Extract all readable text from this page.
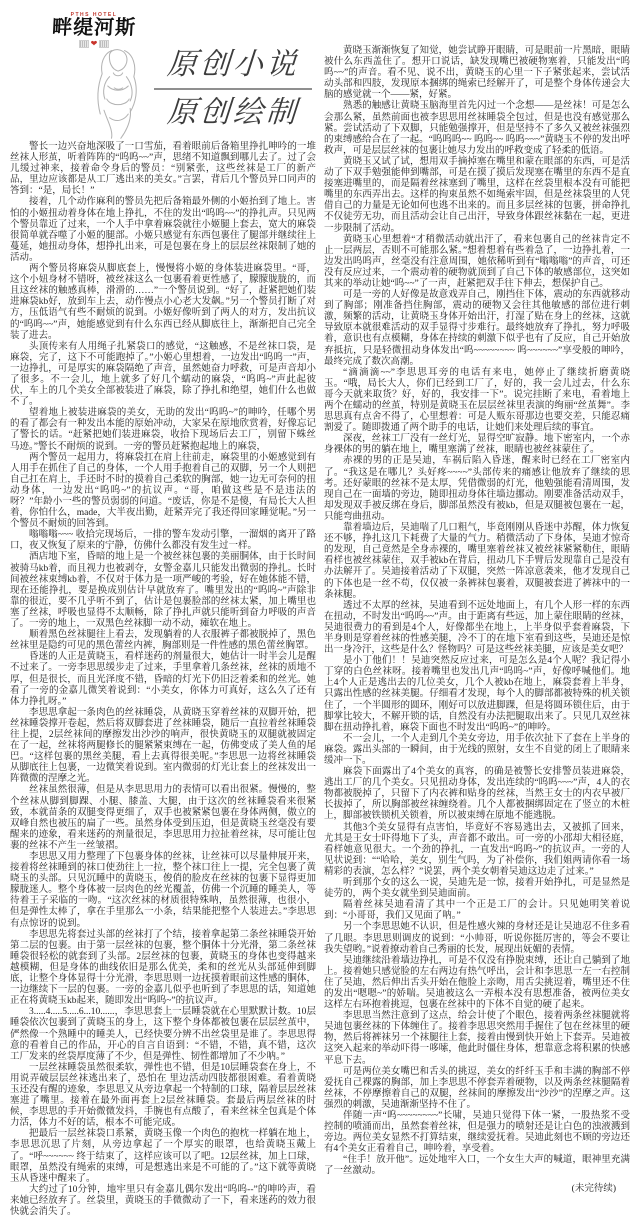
PTHS HOTEL
畔缇河斯
❤
原创小说
原创绘制

警长一边兴奋地深吸了一口雪茄，看着眼前后备箱里挣扎呻吟的一堆丝袜人形茧，听着阵阵的“呜呜~~”声，思绪不知道飘到哪儿去了。过了会儿缓过神来，接着命令身后的警员：“别紧张，这些丝袜是工厂的新产品，里边应该都是从工厂逃出来的美女。”言罢，背后几个警员异口同声的答到：“是，局长！”

接着，几个动作麻利的警员先把后备箱最外侧的小姬抬到了地上。害怕的小姬扭动着身体在地上挣扎，不住的发出“呜呜~~”的挣扎声。只见两个警员靠近了过来，一个人手中拿着麻袋就往小姬腿上套去，宽大的麻袋很简单就吞噬了小姬的腿部。小姬只感觉有东西包裹住了腿部并继续往上蔓延，她扭动身体，想挣扎出来，可是包裹在身上的层层丝袜限制了她的活动。

两个警员将麻袋从脚底套上，慢慢将小姬的身体装进麻袋里。“哥，这个小妞身材不错呀，被丝袜这么一包裹看着更性感了，朦朦胧胧的，而且这丝袜的触感真棒，滑滑的……”一个警员说到。“好了，赶紧把她们装进麻袋kb好，放到车上去，动作慢点小心老大发飙。”另一个警员打断了对方，压低语气有些不耐烦的说到。小姬好像听到了两人的对方，发出抗议的“呜呜~~”声，她能感觉到有什么东西已经从脚底往上，渐渐把自己完全装了进去。

头顶传来有人用绳子扎紧袋口的感觉，“这触感，不是丝袜口袋，是麻袋，完了，这下不可能跑掉了。”小姬心里想着，一边发出“呜呜一”声，一边挣扎，可是厚实的麻袋隔绝了声音，虽然她奋力呼救，可是声音却小了很多。不一会儿，地上就多了好几个蠕动的麻袋，“呜呜~”声此起彼伏，车上的几个美女全部被装进了麻袋，除了挣扎和绝望，她们什么也做不了。

望着地上被装进麻袋的美女，无助的发出“呜呜~”的呻吟，任哪个男的看了都会有一种发出本能的原始冲动，大家呆在原地欣赏着，好像忘记了警长的话。“赶紧把她们装进麻袋，收拾下现场后去工厂，别留下蛛丝马迹。”警长不耐烦的说到。一旁的警员赶紧抱起地上的麻袋，

两个警员一起用力，将麻袋扛在肩上往前走，麻袋里的小姬感觉到有人用手在抓住了自己的身体，一个人用手抱着自己的双脚，另一个人则把自己扛在肩上，手还时不时的摸着自己柔软的胸部，她一边无可奈何的扭动身体，一边发出“呜呜~”的抗议声。“哥，咱做这些是不是违法的呀？”年龄小一些的警员弱弱的问道。“废话，你是不是傻，有局长大人担着，你怕什么，made，大半夜出勤，赶紧弄完了我还得回家睡觉呢。”另一个警员不耐烦的回答到。

嗡嗡嗡~~~ 收拾完现场后，一排的警车发动引擎，一溜烟的离开了路口，夜又恢复了原来的宁静，仿佛什么都没有发生过一样。

酒店地下室，昏暗的地上是一个被丝袜包裹的美丽胴体，由于长时间被骑马kb着，而且视力也被剥夺，女警金嘉儿只能发出微弱的挣扎。长时间被丝袜束缚kb着，不仅对于体力是一项严峻的考验，好在她体能不错，现在还能挣扎，要是换成别估计早就放弃了。嘴里发出的“呜呜~”声除非靠的很近，要不几乎听不到了，估计是包裹脸部的丝袜太紧，加上嘴里也塞了丝袜，呼吸也显得不太顺畅，除了挣扎声就只能听到奋力呼吸的声音了。一旁的地上，一双黑色丝袜脚一动不动，瘫软在地上。

顺着黑色丝袜腿往上看去，发现躺着的人衣服裤子都被脱掉了，黑色丝袜里是隐约可见的黑色蕾丝内裤，胸部则是一件性感的黑色蕾丝胸罩。

昏迷的人正是黄晓玉，看样迷药的剂量很大，她估计一时半会儿是醒不过来了。一旁李思思缓步走了过来，手里拿着几条丝袜，丝袜的质地不厚，但是很长，而且光泽度不错，昏暗的灯光下仍旧泛着柔和的丝光。她看了一旁的金嘉儿微笑着说到：“小美女，你体力可真好，这么久了还有体力挣扎呀。”

李思思拿起一条肉色的丝袜睡袋，从黄晓玉穿着丝袜的双脚开始，把丝袜睡袋撑开卷起，然后将双脚套进了丝袜睡袋，随后一直拉着丝袜睡袋往上提，2层丝袜间的摩擦发出沙沙的响声，很快黄晓玉的双腿就被固定在了一起，丝袜将两腿修长的腿紧紧束缚在一起，仿佛变成了美人鱼的尾巴。“这样包裹的黑丝美腿，看上去真得很美呢。”李思思一边将丝袜睡袋从脚底往上包裹，一边微笑着说到。室内微弱的灯光让套上的丝袜发出一阵微微的涅摩之光。

丝袜虽然很薄，但是从李思思用力的表情可以看出很紧。慢慢的，整个丝袜从脚到脚踝、小腿、膝盖、大腿，由于这次的丝袜睡袋看来很紧致，本就苗条的双腿变得更细了，双手也被紧紧包裹在身体两侧，傲立的双峰自然也被压的扁了一些。虽然身体受到压迫，但是黄晓玉丝毫没有要醒来的迹象，看来迷药的剂量很足，李思思用力拉扯着丝袜，尽可能让包裹的丝袜不产生一丝皱褶。

李思思又用力整理了下包裹身体的丝袜，让丝袜可以尽量伸展开来，接着将丝袜睡到的袜口使劲往上一拉，整个袜口往上一提，完全包裹了黄晓玉的头部。只见沉睡中的黄晓玉，俊俏的脸皮在丝袜的包裹下显得更加朦胧迷人。整个身体被一层肉色的丝光覆盖，仿佛一个沉睡的睡美人，等待着王子采临的一吻。“这次丝袜的材质很特殊呐，虽然很薄，也很小，但是弹性太棒了，拿在手里那么一小条，结果能把整个人装进去。”李思思有点惊讶的说到。

李思思先将套过头部的丝袜打了个结，接着拿起第二条丝袜睡袋开始第二层的包裹。由于第一层丝袜的包裹，整个胴体十分光滑，第二条丝袜睡袋很轻松的就套到了头部。2层丝袜的包裹，黄晓玉的身体也变得越来越模糊，但是身体的曲线依旧是那么优美，柔和的丝光从头部延伸到脚底，让整个身体显得十分光滑，李思思则一边抚摸着眼前这性感的胴体，一边继续下一层的包裹。一旁的金嘉儿似乎也听到了李思思的话，知道她正在将黄晓玉kb起来，随即发出“呜呜~”的抗议声。

3.....4.....5.....6...10......，李思思套上一层睡袋就在心里默默计数。10层睡袋依次包裹到了黄晓玉的身上，这下整个身体都被包裹在层层丝茧中，俨然像一个熟睡中的睡美人，已经快要分辨不出丝袋里是谁了。李思思得意的看着自己的作品，开心的自言自语到：“不错，不错，真不错，这次工厂发来的丝袋厚度薄了不少，但是弹性、韧性都增加了不少呐。”

一层丝袜睡袋虽然很柔软，弹性也不错，但是10层睡袋套在身上，不用说弄破层层丝袜逃出来了，恐怕在 里边活动四肢都很困难。看着黄晓玉还没有醒的迹象，李思思又从旁边拿起一个特制的口球，隔着层层丝袜塞进了嘴里。接着在最外面再套上2层丝袜睡袋。套最后两层丝袜的时候，李思思的手开始微微发抖，手腕也有点酸了，看来丝袜全包真是个体力活，体力不好的话，根本不可能完成。

把最后一层丝袜袋口系紧，黄晓玉像一个肉色的抱枕一样躺在地上，李思思沉思了片刻，从旁边拿起了一个厚实的眼罩，也给黄晓玉戴上了。“呼~~~~~~ 终于结束了，这样应该可以了吧。12层丝袜，加上口球，眼罩，虽然没有绳索的束缚，可是想逃出来是不可能的了。”这下就等黄晓玉从昏迷中醒来了。

大约过了10分钟，地牢里只有金嘉儿偶尔发出“呜呜--”的呻吟声，看来她已经放弃了。丝袋里，黄晓玉的手微微动了一下，看来迷药的效力很快就会消失了。

黄晓玉渐渐恢复了知觉，她尝试睁开眼睛，可是眼前一片黑暗，眼睛被什么东西盖住了。想开口说话，缺发现嘴巴被硬物塞着，只能发出“呜呜~~”的声音。看不见、说不出，黄晓玉的心里一下子紧张起来，尝试活动头部和四肢，发现原本捆绑的绳索已经解开了，可是整个身体传递会大脑的感觉就一个——紧，好紧。

熟悉的触感让黄晓玉脑海里首先闪过一个念想——是丝袜！可是怎么会那么紧，虽然前面也被李思思用丝袜睡袋全包过，但是也没有感觉那么紧。尝试活动了下双脚，只能勉强撑开，但是坚持不了多久又被丝袜强烈的束缚感给合在了一起。“呜呜呜~~ 呜呜~~ 呜呜~~~”黄晓玉不停的发出呼救声，可是层层丝袜的包裹让她尽力发出的呼救变成了轻柔的低语。

黄晓玉又试了试，想用双手摘掉塞在嘴里和蒙在眼部的东西，可是活动了下双手勉强能伸到嘴部，可是在摸了摸后发现塞在嘴里的东西不是直接塞进嘴里的，而是隔着丝袜塞到了嘴里，这样在丝袋里根本没有可能把嘴里的东西弄出去。这样的拘束虽然不如绳索牢固，但是丝袜袋里的人凭借自己的力量是无论如何也逃不出来的。而且多层丝袜的包裹，拼命挣扎不仅徒劳无功，而且活动会让自己出汗，导致身体跟丝袜黏在一起，更进一步限制了活动。

黄晓玉心里想着“才稍微活动就出汗了，看来包裹自己的丝袜肯定不止一层两层，否则不可能那么紧。”想着想着有些着急了，一边挣扎着，一边发出呜呜声，丝毫没有注意周围，她依稀听到有“嗡嗡嗡”的声音，可还没有反应过来，一个震动着的硬物就顶到了自己下体的敏感部位，这突如其来的举动让她“呜~~”了一声，赶紧把双手往下伸去，想保护自己。

可是一旁的人好像是故意戏弄自己，刚挡住下体，震动的东西就移动到了胸部；刚准备挡住胸部，震动的硬物又会往其他敏感的部位进行刺激，频繁的活动，让黄晓玉身体开始出汗，打湿了贴在身上的丝袜，这就导致原本就很难活动的双手显得寸步难行。最终她放弃了挣扎，努力呼吸着，意识也有点模糊，身体在持续的刺激下似乎也有了反应，自己开始放弃抵抗，只是轻微扭动身体发出“呜~~~~~~~~ 呜~~~~~~”享受般的呻吟，最终完成了数次高潮。

“滴滴滴~~”李思思耳旁的电话有来电，她停止了继续折磨黄晓玉。“哦，局长大人，你们已经到工厂了，好的，我一会儿过去，什么东哥今天就来取货？好，好的，我安排一下”。说完挂断了来电，看着地上两个在蠕动的丝茧，特别是黄晓玉在层层丝袜里表演的绚丽“丝茧舞”。李思思真有点舍不得了，心里想着：可是人贩东哥那边也要交差，只能忍痛割爱了。随即拨通了两个助手的电话，让她们来处理后续的事宜。

深夜，丝袜工厂没有一丝灯光，显得空旷寂静。地下密室内，一个赤身裸体的男的躺在地上，嘴里塞满了丝袜，眼睛也被丝袜蒙住了。

赤裸的男的正是吴迪，车祸后陷入昏迷，醒来时已经在工厂密室内了。“我这是在哪儿？头好疼~~~~”头部传来的痛感让他放弃了继续的思考。还好蒙眼的丝袜不是太厚，凭借微弱的灯光，他勉强能看清周围，发现自己在一面墙的旁边，随即扭动身体往墙边挪动。刚要准备活动双手，却发现双手被反绑在身后，脚部虽然没有被kb，但是双腿被包裹在一起，只能弯曲扭动。

靠着墙边后，吴迪喘了几口粗气，毕竟刚刚从昏迷中苏醒，体力恢复还不够，挣扎这几下耗费了大量的气力。稍微活动了下身体，吴迪才惊奇的发现，自己竟然是全身赤裸的，嘴里塞着丝袜又被丝袜紧紧勒住，眼睛看样也被丝袜蒙住，双手被kb在背后，扭动几下手臂后发现靠自己是没有办法解开了。吴迪接着活动了下双腿，突然一阵凉意袭来，他才发现自己的下体也是一丝不苟，仅仅被一条裤袜包裹着，双腿被套进了裤袜中的一条袜腿。

透过不太厚的丝袜，吴迪看到不远处地面上，有几个人形一样的东西在扭动，不时发出“呜呜~~”声。由于距离有些远，加上蒙住眼睛的丝袜，吴迪很费力的看到是4个人，好像都坐在地上，上半身似乎套着麻袋，下半身则是穿着丝袜的性感美腿，冷不丁的在地下室看到这些，吴迪还是惊出一身冷汗，这些是什么？怪物吗？可是这些丝袜美腿，应该是美女吧？

是小丁他们！！吴迪突然反应过来，可是怎么是4个人呢？我记得小丁穿的白色丝袜呀。接着嘴里也发出几声“呜呜~”声，好像呼喊他们。地上4个人正是逃出去的几位美女，几个人被kb在地上，麻袋套着上半身，只露出性感的丝袜美腿。仔细看才发现，每个人的脚部都被特殊的机关锁住了，一个半圆形的圆环，刚好可以放进脚踝，但是将圆环锁住后，由于脚掌比较大，不解开锁的话，自然没有办法把腿取出来了。只见几双丝袜脚在扭动挣扎着，麻袋下面也不时发出“呜呜~”的呻吟。

不一会儿，一个人走到几个美女旁边，用手依次扯下了套在上半身的麻袋。露出头部的一瞬间，由于光线的照射，女生不自觉的闭上了眼睛来缓冲一下。

麻袋下面露出了4个美女的真容，的确是被警长安排警员装进麻袋，逃出工厂的几个美女。只见扭动身体，发出连续的“呜呜~~~”声，4人的衣物都被脱掉了，只留下了内衣裤和贴身的丝袜，当然王女士的内衣早被厂长拔掉了，所以胸部被丝袜缠绕着。几个人都被捆绑固定在了竖立的木桩上，脚部被铁锁机关锁着，所以被束缚在原地不能逃脱。

其他3个美女显得有点害怕，毕竟好不容易逃出去，又被抓了回来，尤其是王女士吓得地下了头，声音都不敢出。可一旁的小邵却大相径庭，看样她意见很大。一个劲的挣扎，一直发出“呜呜~”的抗议声。一旁的人见状说到：““哈哈，美女，别生气吗，为了补偿你，我们姐两请你看一场精彩的表演，怎么样？”说罢，两个美女朝着吴迪这边走了过来。”

听到那个女的这么一说，吴迪先是一惊，接着开始挣扎，可是显然是徒劳的，两个美女就坐到吴迪面前。

隔着丝袜吴迪看清了其中一个正是工厂的会计。只见她明笑着说到：“小哥哥，我们又见面了呐。”

另一个李思思她不认识，但是性感火辣的身材还是让吴迪忍不住多看了几眼。李思思则调皮的说到：“小帅哥，听说你挺厉害的，等会不要让我失望哟。”说着撩动着自己秀丽的长发，展现出妩媚的表情。

吴迪继续沿着墙边挣扎，可是不仅没有挣脱束缚，还让自己躺到了地上。接着她只感觉脸的左右两边有热气呼出，会计和李思思一左一右控制住了吴迪，然后伸出舌头开始在他脸上亲吻，用舌尖挑逗着，嘴里还不住的发出“嗯嗯~”的娇喘。吴迪被这么一弄根本没有思想准备，被两位美女这样左右环抱着挑逗，包裹在丝袜中的下体不自觉的硬了起来。

李思思当然注意到了这点，给会计使了个眼色，接着两条丝袜腿就将吴迪包裹丝袜的下体缠住了。接着李思思突然用手握住了包在丝袜里的硬物，然后将裤袜另一个袜腿往上套，接着由慢到快开始上下套弄。吴迪被这突入起来的举动吓得一哆嗦，他此时僵住身体，想靠意念将积累的快感平息下去。

可是两位美女嘴巴和舌头的挑逗，美女的纤纤玉手和丰满的胸部不停爱抚自己裸露的胸部，加上李思思不停套弄着硬物，以及两条丝袜腿隔着丝袜，不停摩擦着自己的双腿，丝袜间的摩擦发出“沙沙”的涅摩之声。这强烈的刺激，吴迪渐渐坚持不住了。

伴随一声“呜~~~~~~~~”长啸，吴迪只觉得下体一紧，一股热浆不受控制的喷涌而出，虽然套着丝袜，但是强力的喷射还是让白色的浊液溅到旁边。两位美女显然不打算结束，继续爱抚着。吴迪此刻也不顾的旁边还有4个美女正看着自己，呻吟着，享受着。

“住手！放开他”。远处地牢入口，一个女生大声的喊道，眼神里充满了一丝激动。

(未完待续)
